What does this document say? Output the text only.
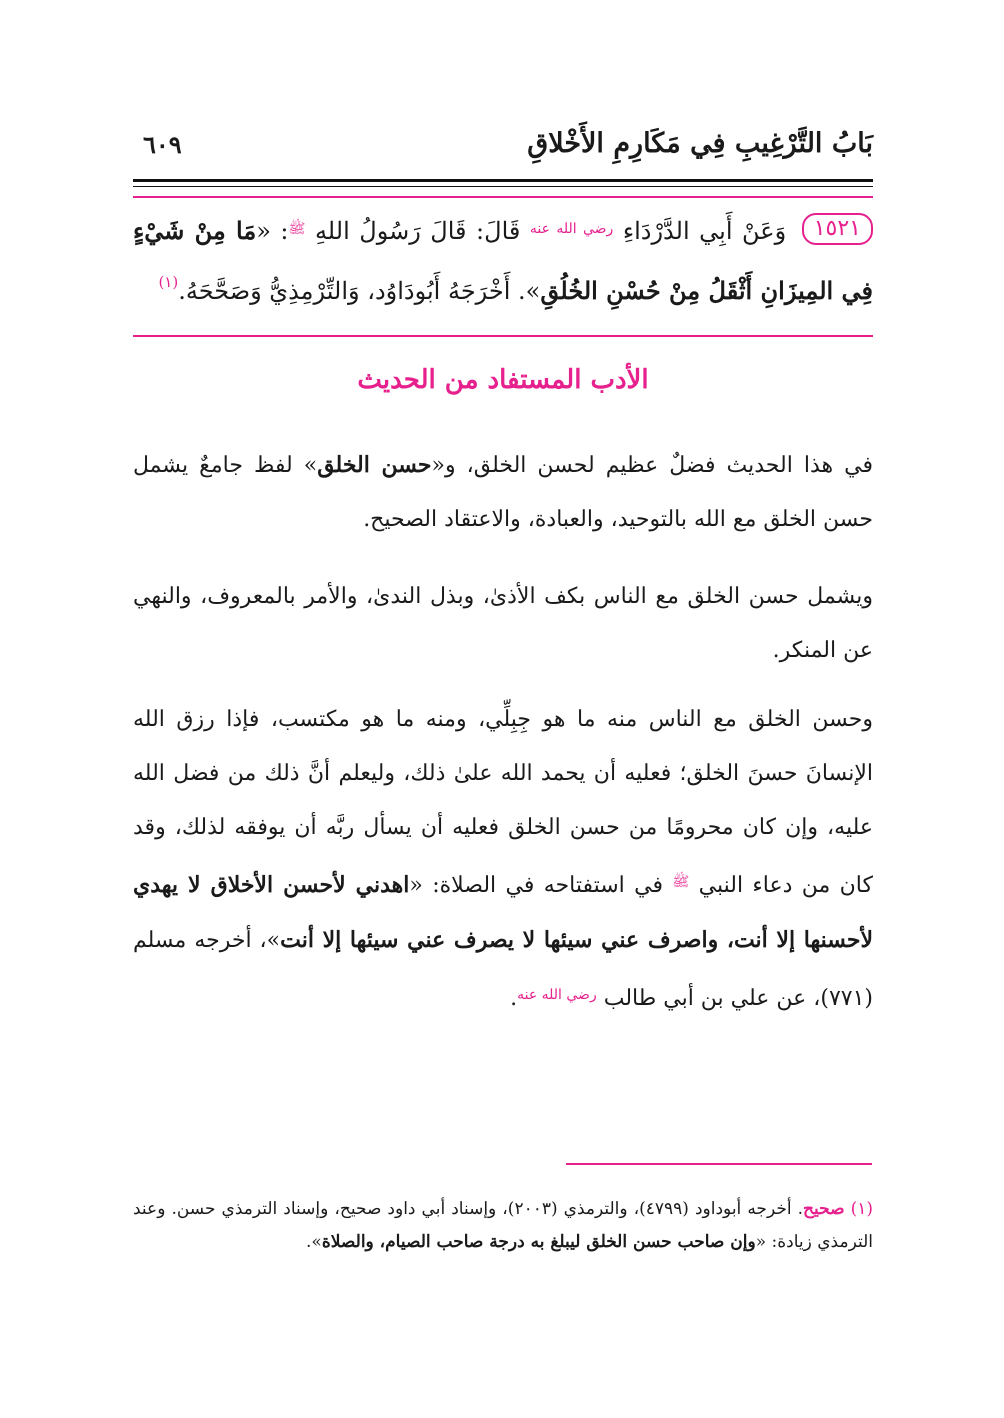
بَابُ التَّرْغِيبِ فِي مَكَارِمِ الأَخْلاقِ
٦٠٩
١٥٢١ وَعَنْ أَبِي الدَّرْدَاءِ $^{رضي الله عنه}$ قَالَ: قَالَ رَسُولُ اللهِ $^ﷺ$: «مَا مِنْ شَيْءٍ فِي المِيزَانِ أَثْقَلُ مِنْ حُسْنِ الخُلُقِ». أَخْرَجَهُ أَبُودَاوُد، وَالتِّرْمِذِيُّ وَصَحَّحَهُ.$^{(١)}$
الأدب المستفاد من الحديث
في هذا الحديث فضلٌ عظيم لحسن الخلق، و«حسن الخلق» لفظ جامعٌ يشمل حسن الخلق مع الله بالتوحيد، والعبادة، والاعتقاد الصحيح.
ويشمل حسن الخلق مع الناس بكف الأذىٰ، وبذل الندىٰ، والأمر بالمعروف، والنهي عن المنكر.
وحسن الخلق مع الناس منه ما هو جِبِلِّي، ومنه ما هو مكتسب، فإذا رزق الله الإنسانَ حسنَ الخلق؛ فعليه أن يحمد الله علىٰ ذلك، وليعلم أنَّ ذلك من فضل الله عليه، وإن كان محرومًا من حسن الخلق فعليه أن يسأل ربَّه أن يوفقه لذلك، وقد كان من دعاء النبي $^ﷺ$ في استفتاحه في الصلاة: «اهدني لأحسن الأخلاق لا يهدي لأحسنها إلا أنت، واصرف عني سيئها لا يصرف عني سيئها إلا أنت»، أخرجه مسلم (٧٧١)، عن علي بن أبي طالب $^{رضي الله عنه}$.
(١) صحيح. أخرجه أبوداود (٤٧٩٩)، والترمذي (٢٠٠٣)، وإسناد أبي داود صحيح، وإسناد الترمذي حسن. وعند الترمذي زيادة: «وإن صاحب حسن الخلق ليبلغ به درجة صاحب الصيام، والصلاة».
